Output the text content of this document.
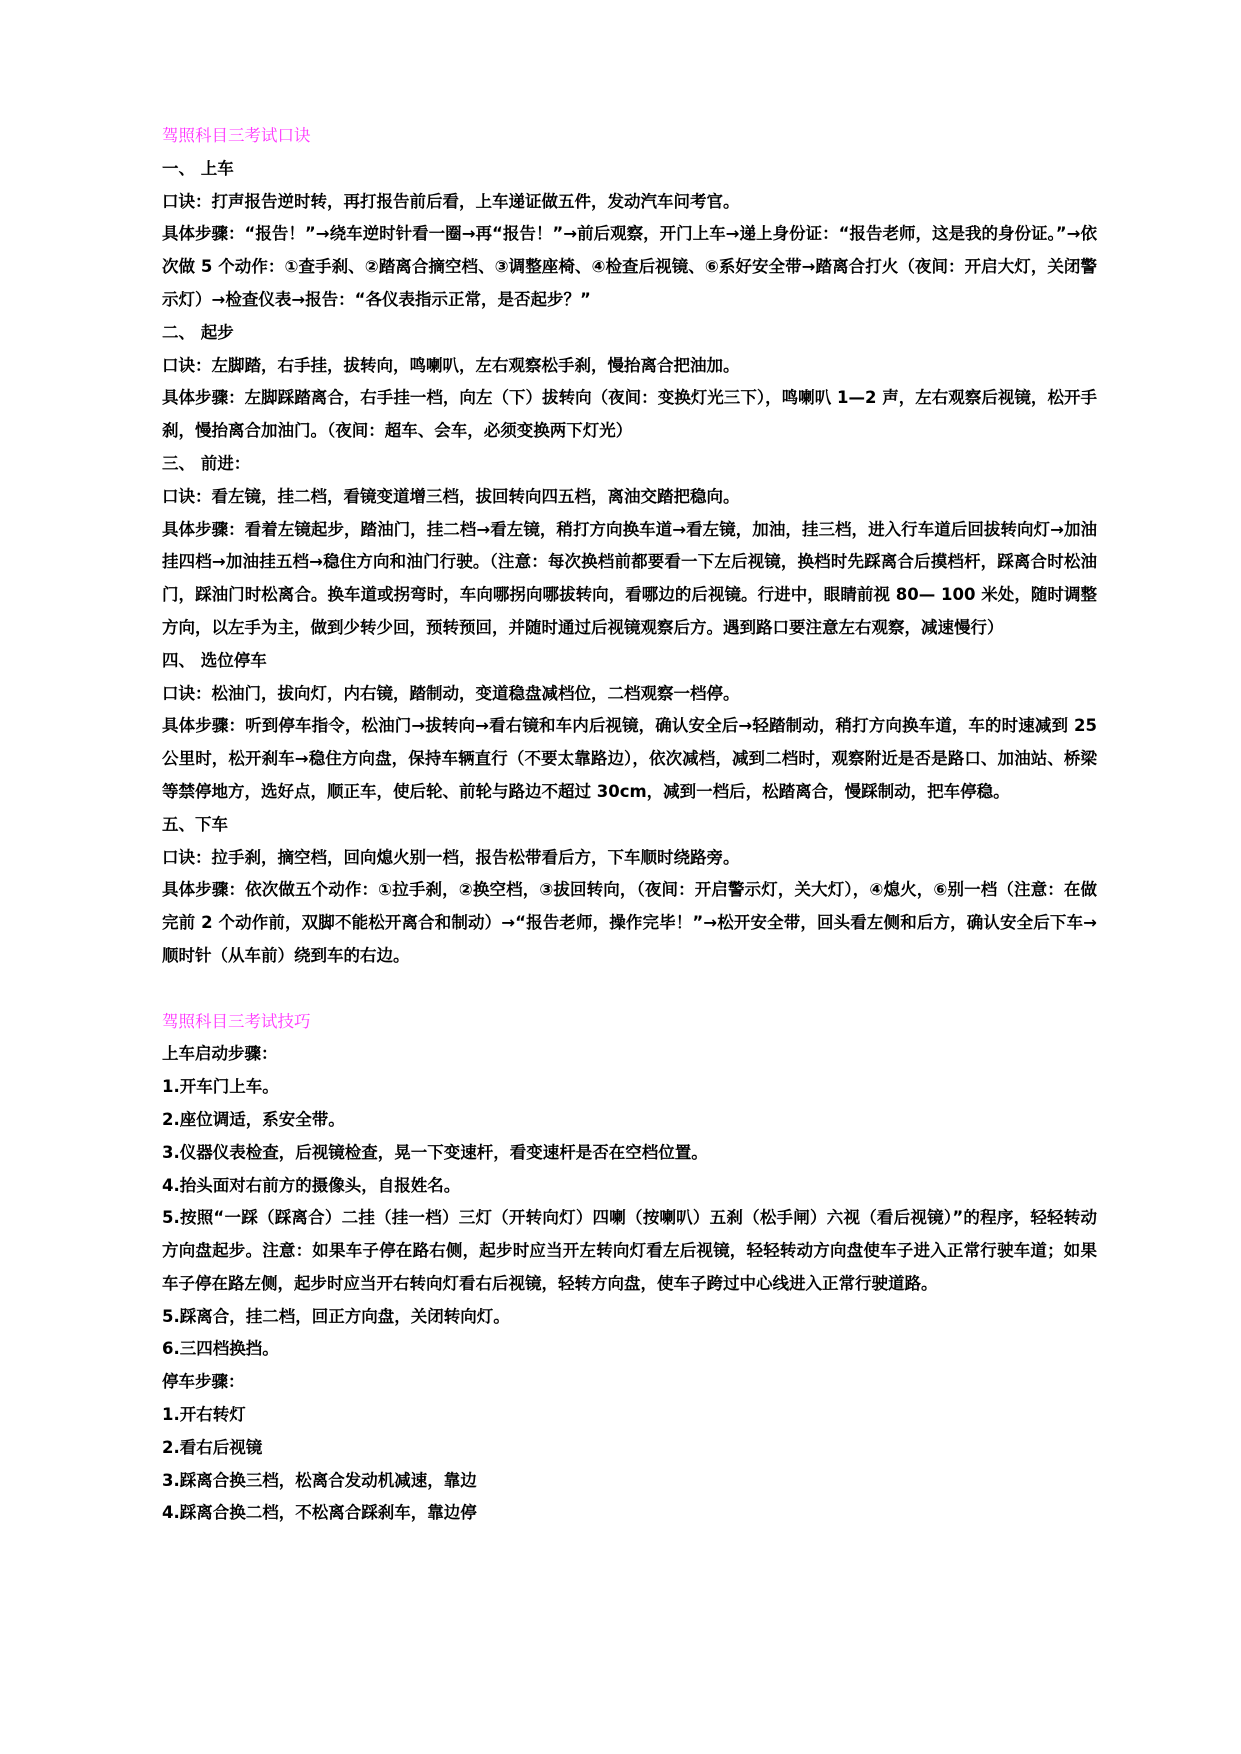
驾照科目三考试口诀

一、 上车

口诀：打声报告逆时转，再打报告前后看，上车递证做五件，发动汽车问考官。

具体步骤：“报告！”→绕车逆时针看一圈→再“报告！”→前后观察，开门上车→递上身份证：“报告老师，这是我的身份证。”→依次做 5 个动作：①查手刹、②踏离合摘空档、③调整座椅、④检查后视镜、⑥系好安全带→踏离合打火（夜间：开启大灯，关闭警示灯）→检查仪表→报告：“各仪表指示正常，是否起步？”

二、 起步

口诀：左脚踏，右手挂，拔转向，鸣喇叭，左右观察松手刹，慢抬离合把油加。

具体步骤：左脚踩踏离合，右手挂一档，向左（下）拔转向（夜间：变换灯光三下），鸣喇叭 1—2 声，左右观察后视镜，松开手刹，慢抬离合加油门。（夜间：超车、会车，必须变换两下灯光）

三、 前进：

口诀：看左镜，挂二档，看镜变道增三档，拔回转向四五档，离油交踏把稳向。

具体步骤：看着左镜起步，踏油门，挂二档→看左镜，稍打方向换车道→看左镜，加油，挂三档，进入行车道后回拔转向灯→加油挂四档→加油挂五档→稳住方向和油门行驶。（注意：每次换档前都要看一下左后视镜，换档时先踩离合后摸档杆，踩离合时松油门，踩油门时松离合。换车道或拐弯时，车向哪拐向哪拔转向，看哪边的后视镜。行进中，眼睛前视 80— 100 米处，随时调整方向，以左手为主，做到少转少回，预转预回，并随时通过后视镜观察后方。遇到路口要注意左右观察，减速慢行）

四、 选位停车

口诀：松油门，拔向灯，内右镜，踏制动，变道稳盘减档位，二档观察一档停。

具体步骤：听到停车指令，松油门→拔转向→看右镜和车内后视镜，确认安全后→轻踏制动，稍打方向换车道，车的时速减到 25 公里时，松开刹车→稳住方向盘，保持车辆直行（不要太靠路边），依次减档，减到二档时，观察附近是否是路口、加油站、桥梁等禁停地方，选好点，顺正车，使后轮、前轮与路边不超过 30cm，减到一档后，松踏离合，慢踩制动，把车停稳。

五、下车

口诀：拉手刹，摘空档，回向熄火别一档，报告松带看后方，下车顺时绕路旁。

具体步骤：依次做五个动作：①拉手刹，②换空档，③拔回转向，（夜间：开启警示灯，关大灯），④熄火，⑥别一档（注意：在做完前 2 个动作前，双脚不能松开离合和制动）→“报告老师，操作完毕！”→松开安全带，回头看左侧和后方，确认安全后下车→顺时针（从车前）绕到车的右边。

驾照科目三考试技巧

上车启动步骤：

1.开车门上车。

2.座位调适，系安全带。

3.仪器仪表检查，后视镜检查，晃一下变速杆，看变速杆是否在空档位置。

4.抬头面对右前方的摄像头，自报姓名。

5.按照“一踩（踩离合）二挂（挂一档）三灯（开转向灯）四喇（按喇叭）五刹（松手闸）六视（看后视镜）”的程序，轻轻转动方向盘起步。注意：如果车子停在路右侧，起步时应当开左转向灯看左后视镜，轻轻转动方向盘使车子进入正常行驶车道；如果车子停在路左侧，起步时应当开右转向灯看右后视镜，轻转方向盘，使车子跨过中心线进入正常行驶道路。

5.踩离合，挂二档，回正方向盘，关闭转向灯。

6.三四档换挡。

停车步骤：

1.开右转灯

2.看右后视镜

3.踩离合换三档，松离合发动机减速，靠边

4.踩离合换二档，不松离合踩刹车，靠边停
